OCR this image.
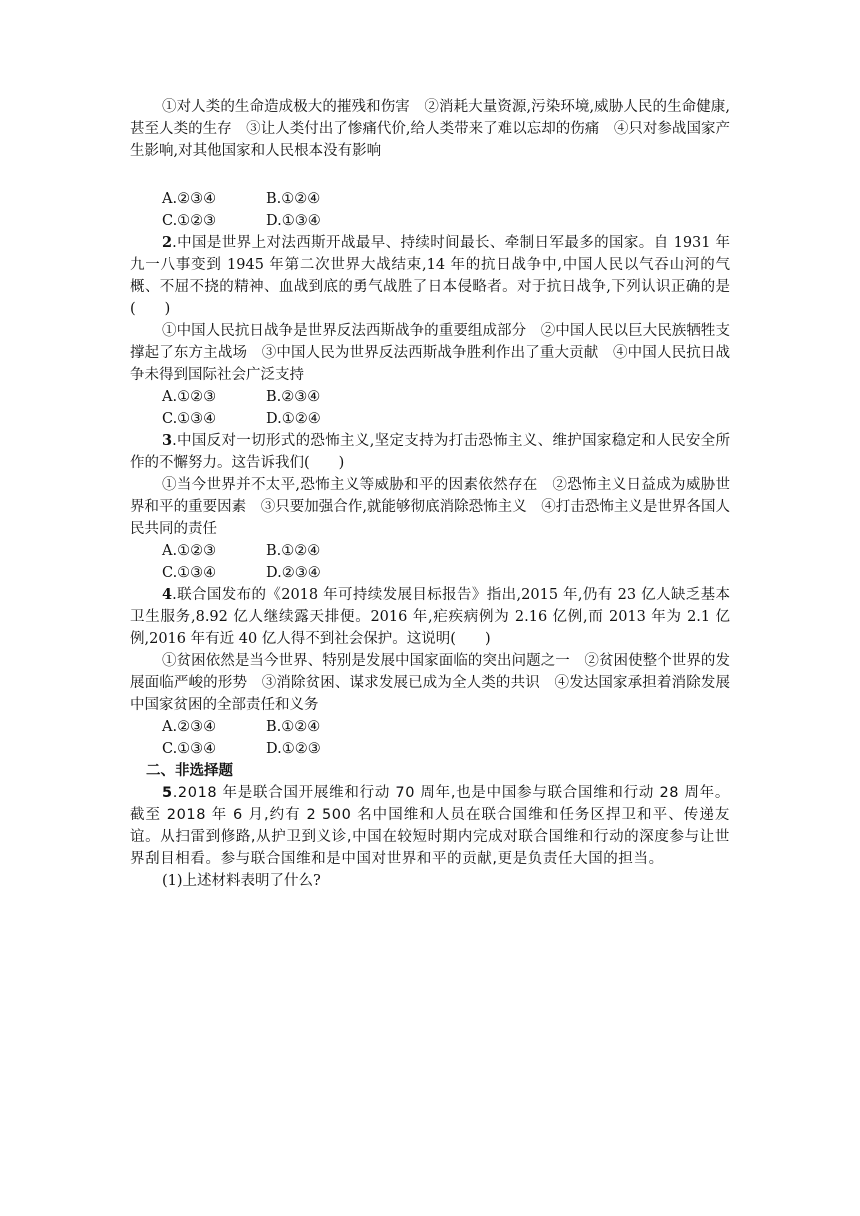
①对人类的生命造成极大的摧残和伤害　②消耗大量资源,污染环境,威胁人民的生命健康,甚至人类的生存　③让人类付出了惨痛代价,给人类带来了难以忘却的伤痛　④只对参战国家产生影响,对其他国家和人民根本没有影响

A.②③④	B.①②④
C.①②③	D.①③④

2.中国是世界上对法西斯开战最早、持续时间最长、牵制日军最多的国家。自 1931 年九一八事变到 1945 年第二次世界大战结束,14 年的抗日战争中,中国人民以气吞山河的气概、不屈不挠的精神、血战到底的勇气战胜了日本侵略者。对于抗日战争,下列认识正确的是(　　)

①中国人民抗日战争是世界反法西斯战争的重要组成部分　②中国人民以巨大民族牺牲支撑起了东方主战场　③中国人民为世界反法西斯战争胜利作出了重大贡献　④中国人民抗日战争未得到国际社会广泛支持

A.①②③	B.②③④
C.①③④	D.①②④

3.中国反对一切形式的恐怖主义,坚定支持为打击恐怖主义、维护国家稳定和人民安全所作的不懈努力。这告诉我们(　　)

①当今世界并不太平,恐怖主义等威胁和平的因素依然存在　②恐怖主义日益成为威胁世界和平的重要因素　③只要加强合作,就能够彻底消除恐怖主义　④打击恐怖主义是世界各国人民共同的责任

A.①②③	B.①②④
C.①③④	D.②③④

4.联合国发布的《2018 年可持续发展目标报告》指出,2015 年,仍有 23 亿人缺乏基本卫生服务,8.92 亿人继续露天排便。2016 年,疟疾病例为 2.16 亿例,而 2013 年为 2.1 亿例,2016 年有近 40 亿人得不到社会保护。这说明(　　)

①贫困依然是当今世界、特别是发展中国家面临的突出问题之一　②贫困使整个世界的发展面临严峻的形势　③消除贫困、谋求发展已成为全人类的共识　④发达国家承担着消除发展中国家贫困的全部责任和义务

A.②③④	B.①②④
C.①③④	D.①②③
二、非选择题

5.2018 年是联合国开展维和行动 70 周年,也是中国参与联合国维和行动 28 周年。截至 2018 年 6 月,约有 2 500 名中国维和人员在联合国维和任务区捍卫和平、传递友谊。从扫雷到修路,从护卫到义诊,中国在较短时期内完成对联合国维和行动的深度参与让世界刮目相看。参与联合国维和是中国对世界和平的贡献,更是负责任大国的担当。

(1)上述材料表明了什么?
